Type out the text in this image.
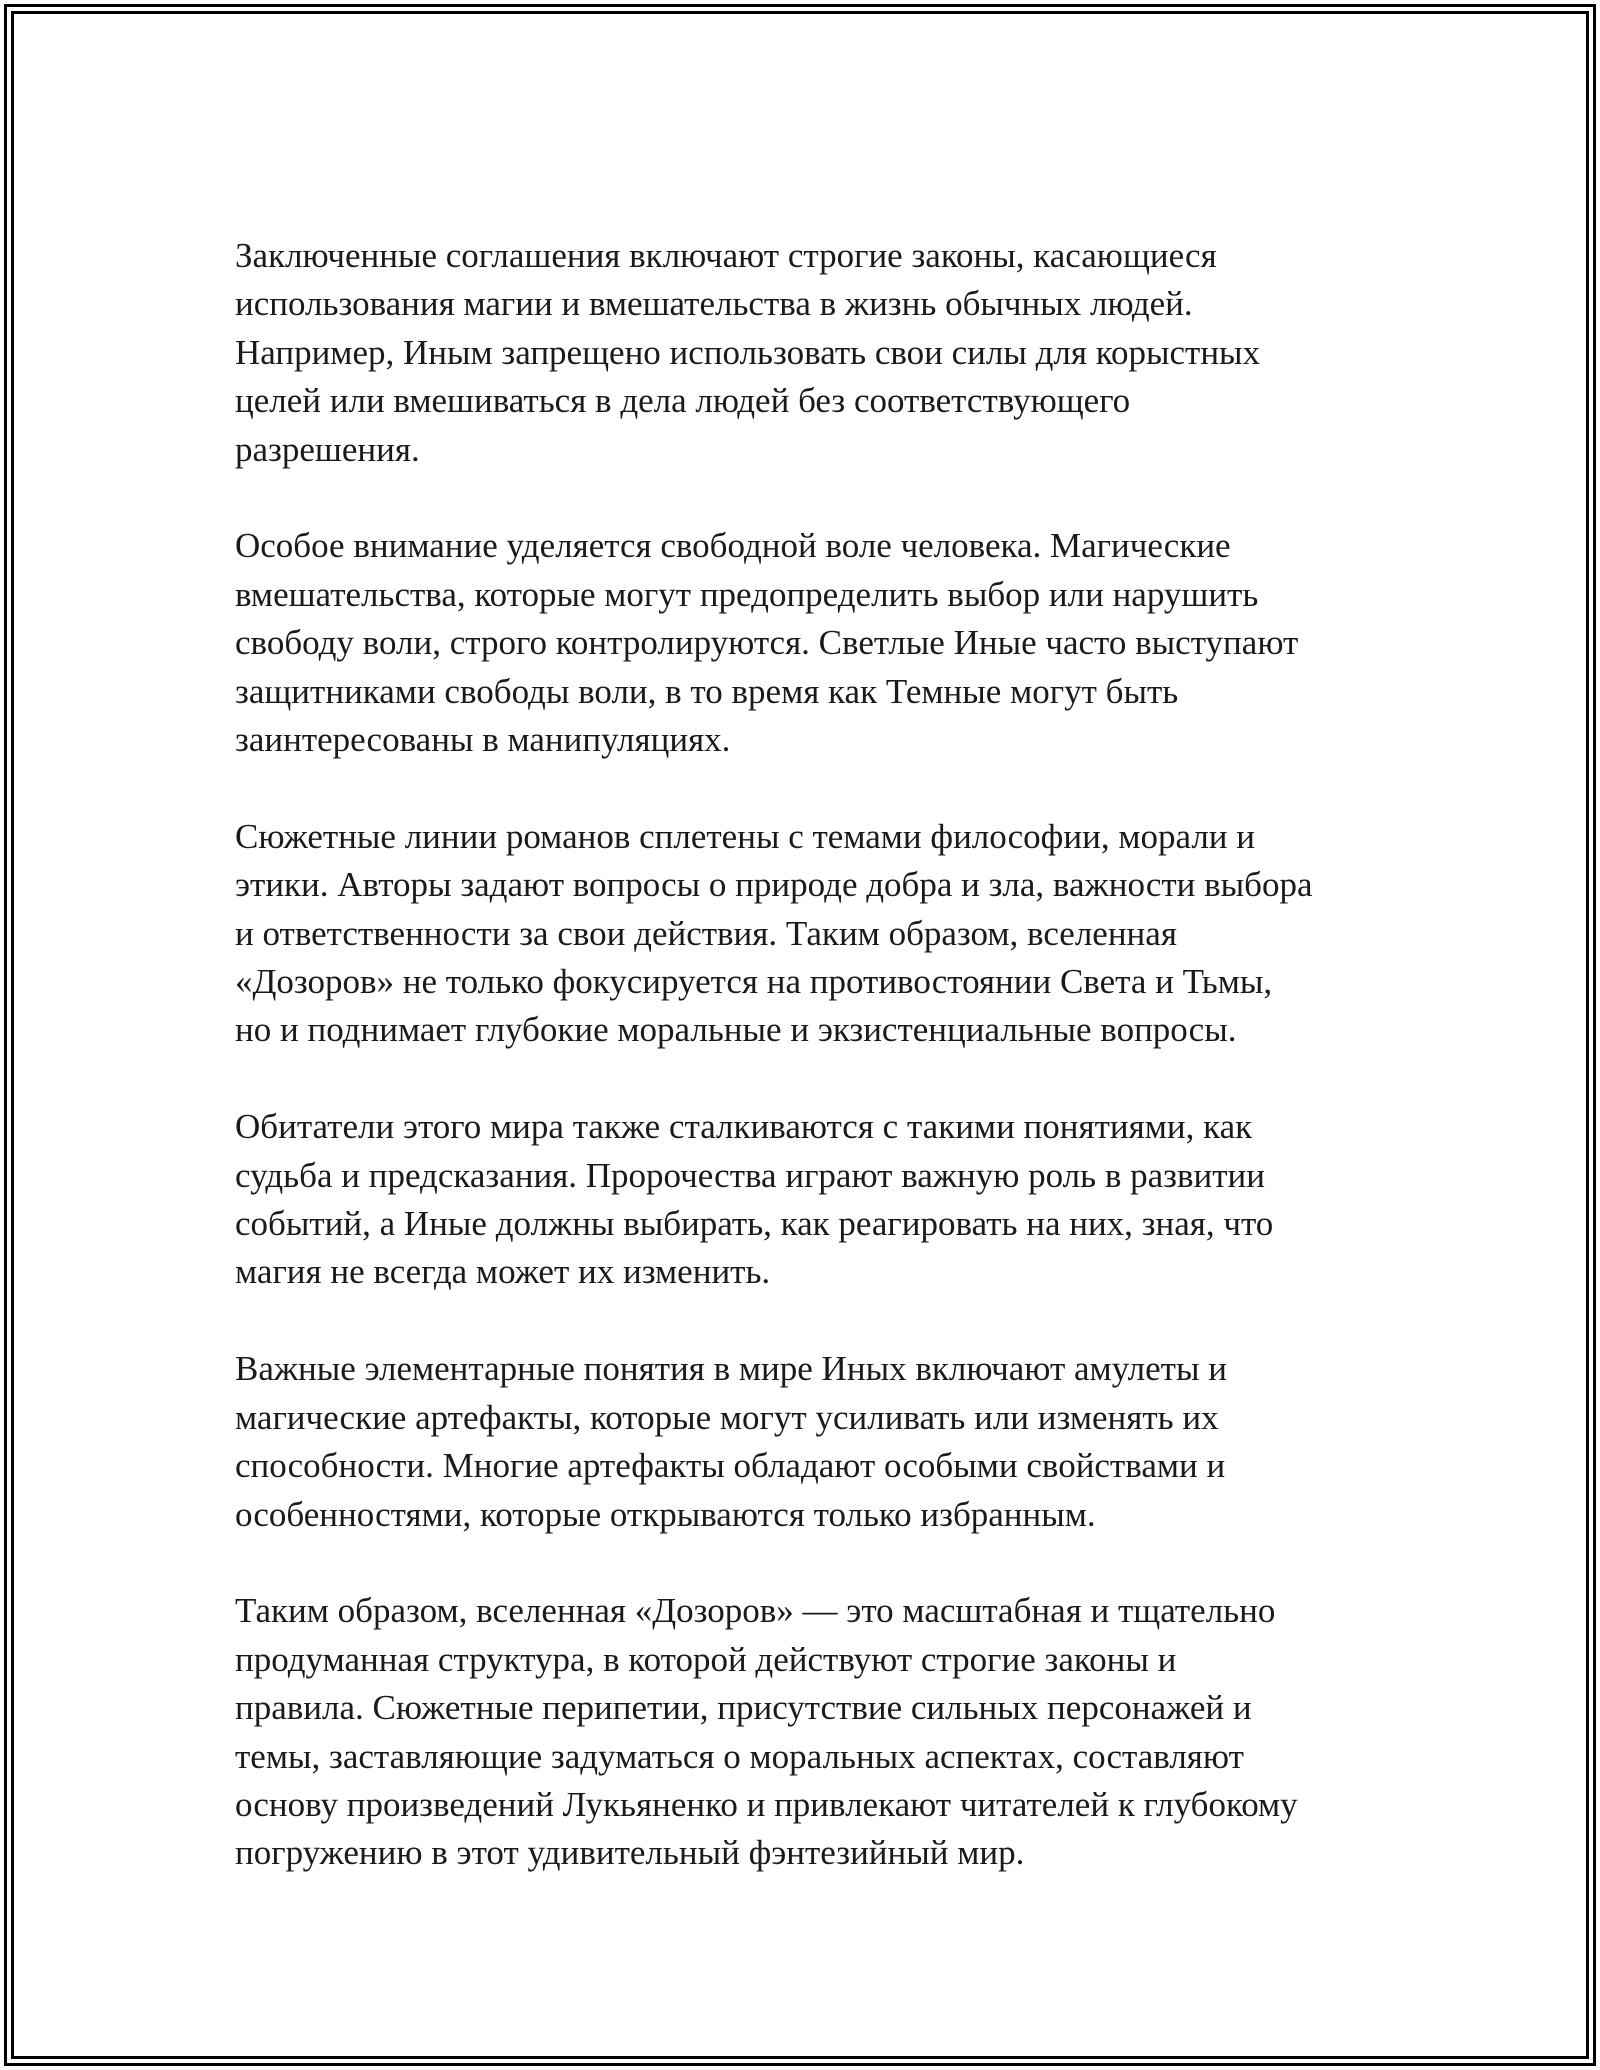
Заключенные соглашения включают строгие законы, касающиеся
использования магии и вмешательства в жизнь обычных людей.
Например, Иным запрещено использовать свои силы для корыстных
целей или вмешиваться в дела людей без соответствующего
разрешения.

Особое внимание уделяется свободной воле человека. Магические
вмешательства, которые могут предопределить выбор или нарушить
свободу воли, строго контролируются. Светлые Иные часто выступают
защитниками свободы воли, в то время как Темные могут быть
заинтересованы в манипуляциях.

Сюжетные линии романов сплетены с темами философии, морали и
этики. Авторы задают вопросы о природе добра и зла, важности выбора
и ответственности за свои действия. Таким образом, вселенная
«Дозоров» не только фокусируется на противостоянии Света и Тьмы,
но и поднимает глубокие моральные и экзистенциальные вопросы.

Обитатели этого мира также сталкиваются с такими понятиями, как
судьба и предсказания. Пророчества играют важную роль в развитии
событий, а Иные должны выбирать, как реагировать на них, зная, что
магия не всегда может их изменить.

Важные элементарные понятия в мире Иных включают амулеты и
магические артефакты, которые могут усиливать или изменять их
способности. Многие артефакты обладают особыми свойствами и
особенностями, которые открываются только избранным.

Таким образом, вселенная «Дозоров» — это масштабная и тщательно
продуманная структура, в которой действуют строгие законы и
правила. Сюжетные перипетии, присутствие сильных персонажей и
темы, заставляющие задуматься о моральных аспектах, составляют
основу произведений Лукьяненко и привлекают читателей к глубокому
погружению в этот удивительный фэнтезийный мир.
